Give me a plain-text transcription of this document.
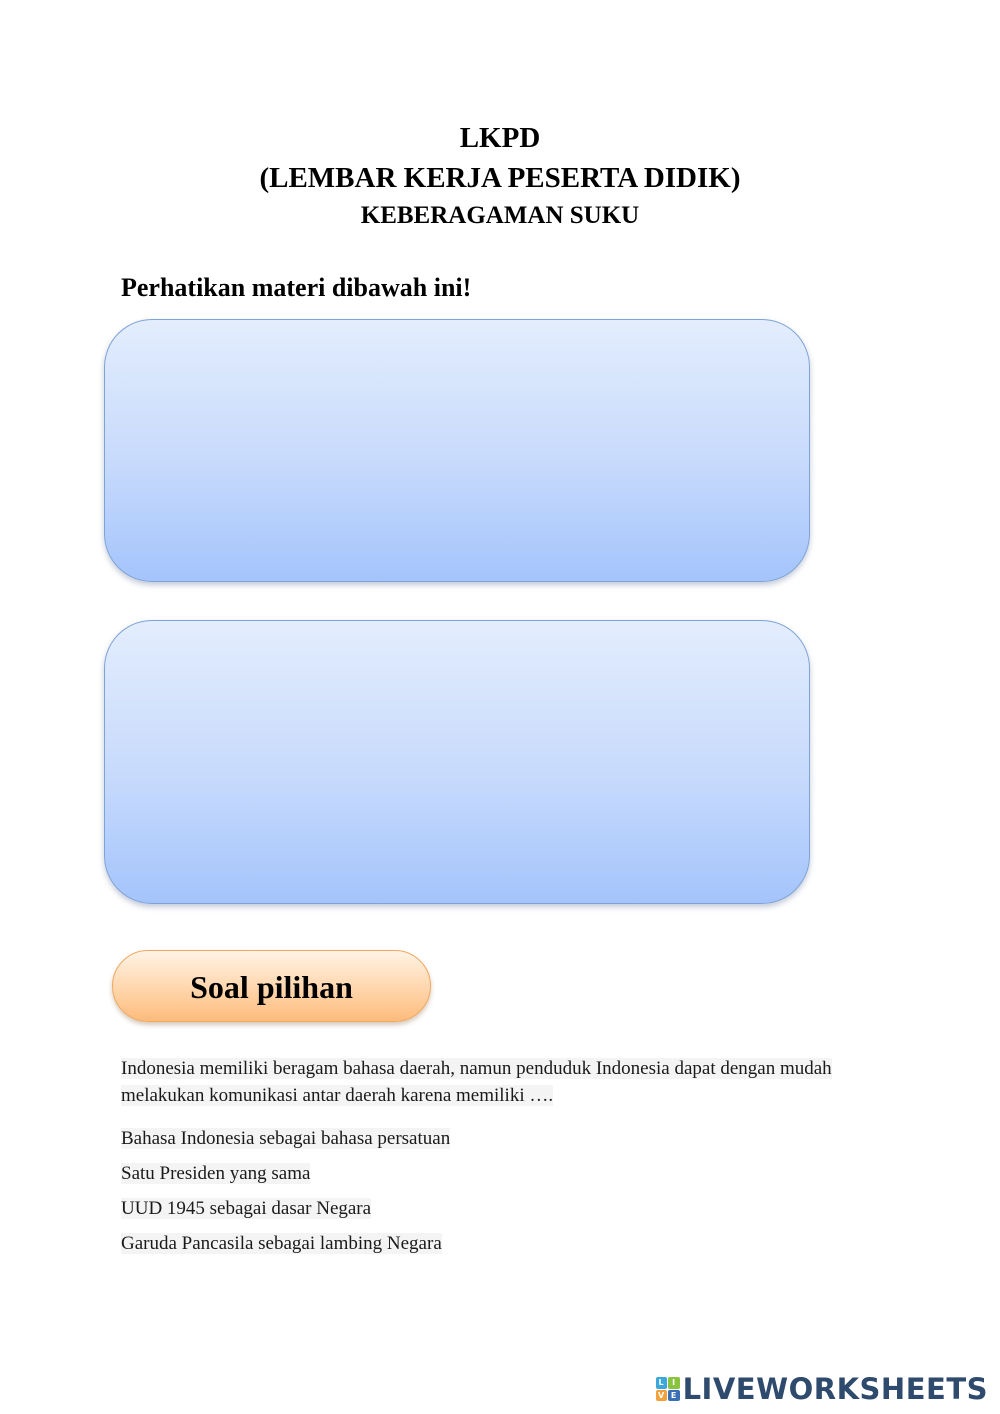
LKPD
(LEMBAR KERJA PESERTA DIDIK)
KEBERAGAMAN SUKU
Perhatikan materi dibawah ini!
Soal pilihan
Indonesia memiliki beragam bahasa daerah, namun penduduk Indonesia dapat dengan mudah melakukan komunikasi antar daerah karena memiliki ….
Bahasa Indonesia sebagai bahasa persatuan
Satu Presiden yang sama
UUD 1945 sebagai dasar Negara
Garuda Pancasila sebagai lambing Negara
L I
V E LIVEWORKSHEETS
